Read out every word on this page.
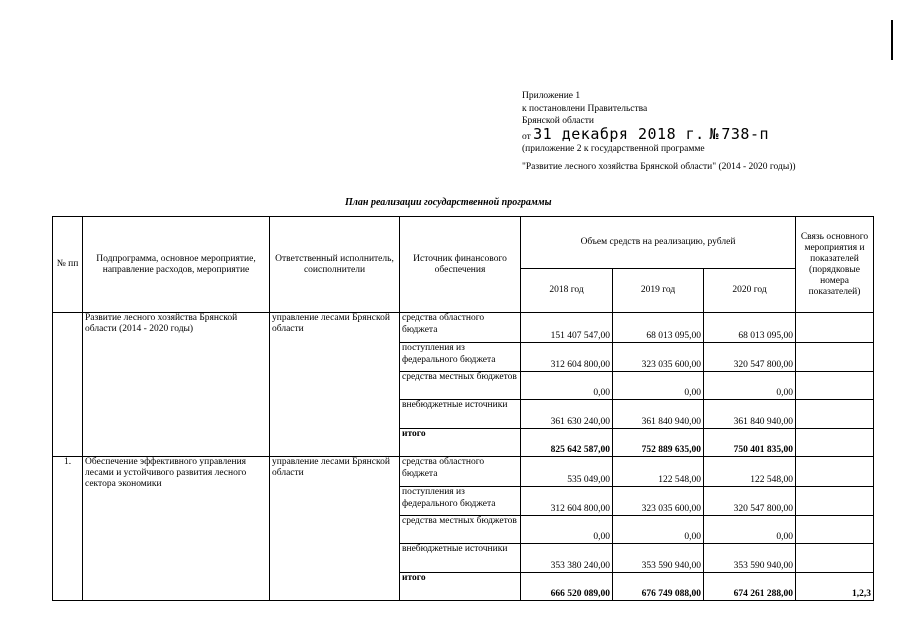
Приложение 1
к постановлени Правительства
Брянской области
от 31 декабря 2018 г. № 738-п
(приложение 2 к государственной программе
"Развитие лесного хозяйства Брянской области" (2014 - 2020 годы))
План реализации государственной программы
№ пп	Подпрограмма, основное мероприятие, направление расходов, мероприятие	Ответственный исполнитель, соисполнители	Источник финансового обеспечения	Объем средств на реализацию, рублей			Связь основного мероприятия и показателей (порядковые номера показателей)
				2018 год	2019 год	2020 год	
	Развитие лесного хозяйства Брянской области (2014 - 2020 годы)	управление лесами Брянской области	средства областного бюджета	151 407 547,00	68 013 095,00	68 013 095,00	
			поступления из федерального бюджета	312 604 800,00	323 035 600,00	320 547 800,00	
			средства местных бюджетов	0,00	0,00	0,00	
			внебюджетные источники	361 630 240,00	361 840 940,00	361 840 940,00	
			итого	825 642 587,00	752 889 635,00	750 401 835,00	
1.	Обеспечение эффективного управления лесами и устойчивого развития лесного сектора экономики	управление лесами Брянской области	средства областного бюджета	535 049,00	122 548,00	122 548,00	
			поступления из федерального бюджета	312 604 800,00	323 035 600,00	320 547 800,00	
			средства местных бюджетов	0,00	0,00	0,00	
			внебюджетные источники	353 380 240,00	353 590 940,00	353 590 940,00	
			итого	666 520 089,00	676 749 088,00	674 261 288,00	1,2,3
